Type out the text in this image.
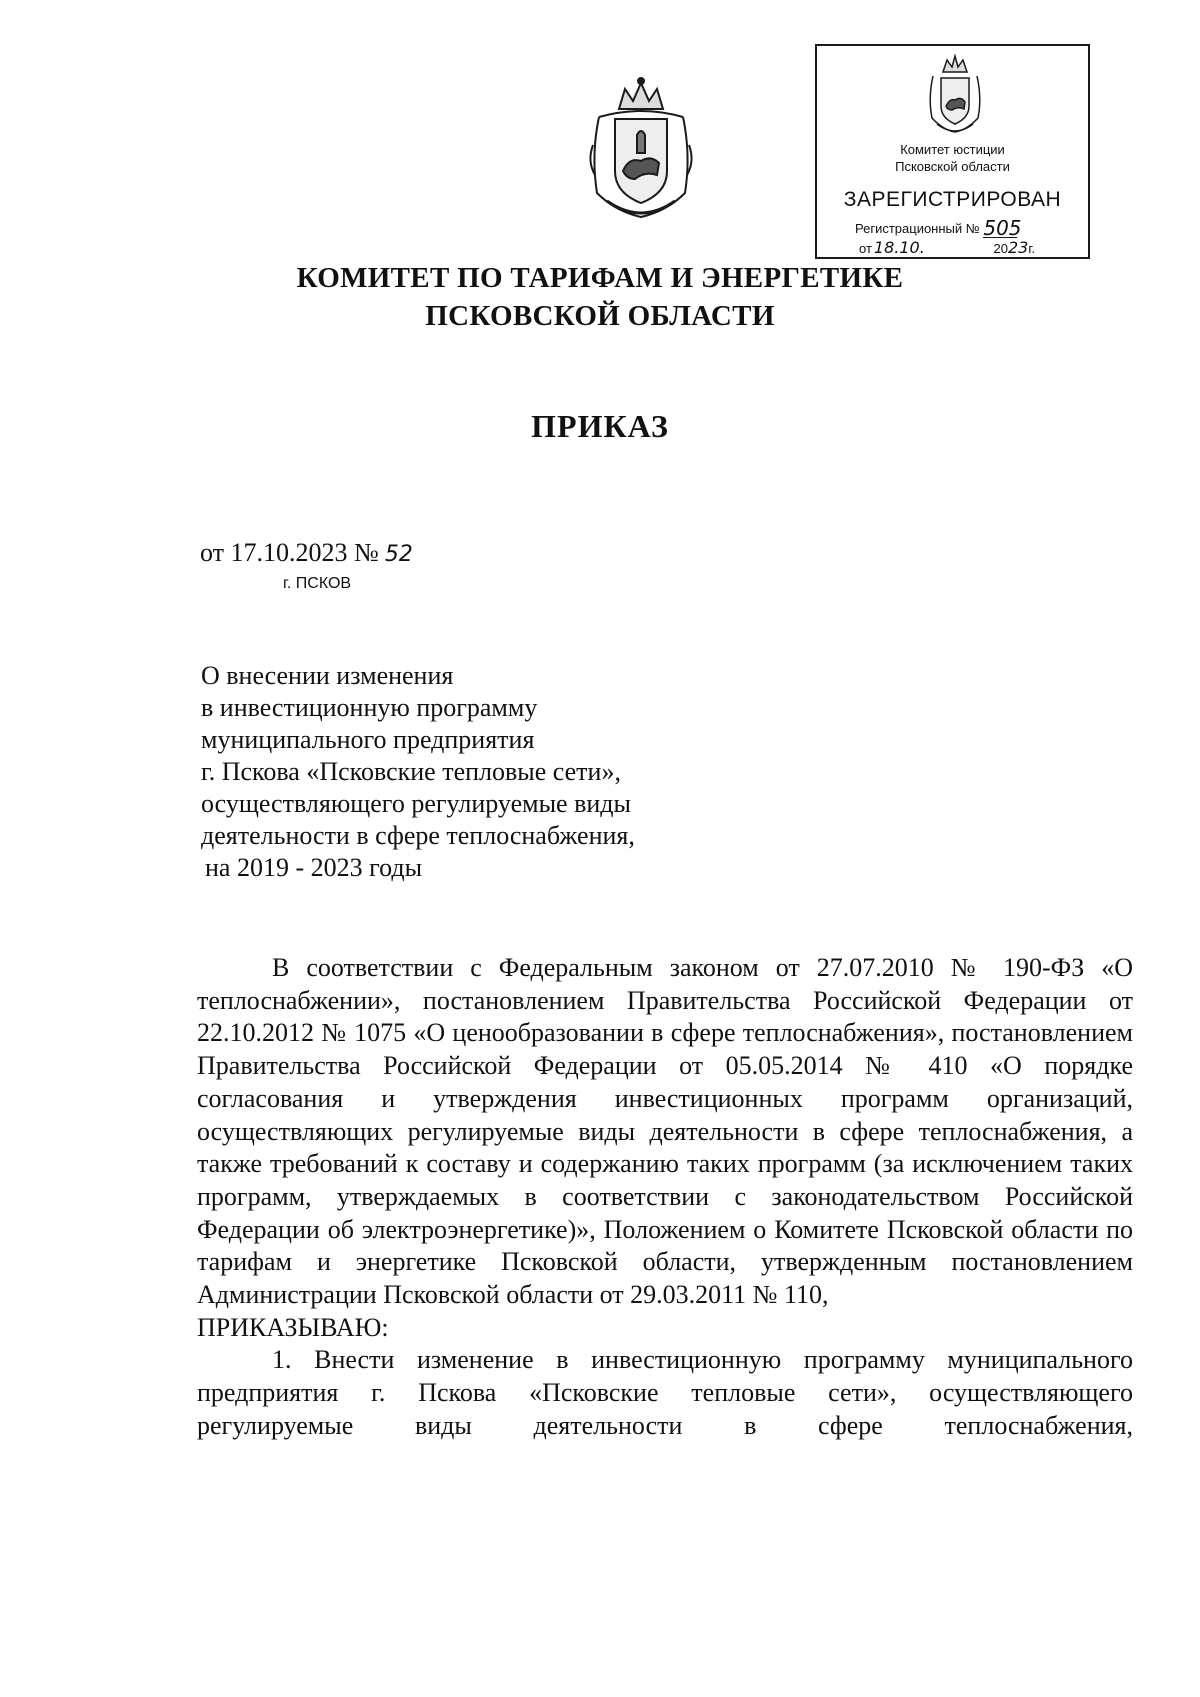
Комитет юстиции
Псковской области
ЗАРЕГИСТРИРОВАН
Регистрационный № 505
от 18.10.	2023г.
КОМИТЕТ ПО ТАРИФАМ И ЭНЕРГЕТИКЕ
ПСКОВСКОЙ ОБЛАСТИ
ПРИКАЗ
от 17.10.2023 № 52
г. ПСКОВ
О внесении изменения
в инвестиционную программу
муниципального предприятия
г. Пскова «Псковские тепловые сети»,
осуществляющего регулируемые виды
деятельности в сфере теплоснабжения,
на 2019 - 2023 годы
В соответствии с Федеральным законом от 27.07.2010 № 190-ФЗ «О теплоснабжении», постановлением Правительства Российской Федерации от 22.10.2012 № 1075 «О ценообразовании в сфере теплоснабжения», постановлением Правительства Российской Федерации от 05.05.2014 № 410 «О порядке согласования и утверждения инвестиционных программ организаций, осуществляющих регулируемые виды деятельности в сфере теплоснабжения, а также требований к составу и содержанию таких программ (за исключением таких программ, утверждаемых в соответствии с законодательством Российской Федерации об электроэнергетике)», Положением о Комитете Псковской области по тарифам и энергетике Псковской области, утвержденным постановлением Администрации Псковской области от 29.03.2011 № 110,
ПРИКАЗЫВАЮ:
1. Внести изменение в инвестиционную программу муниципального предприятия г. Пскова «Псковские тепловые сети», осуществляющего регулируемые виды деятельности в сфере теплоснабжения,
